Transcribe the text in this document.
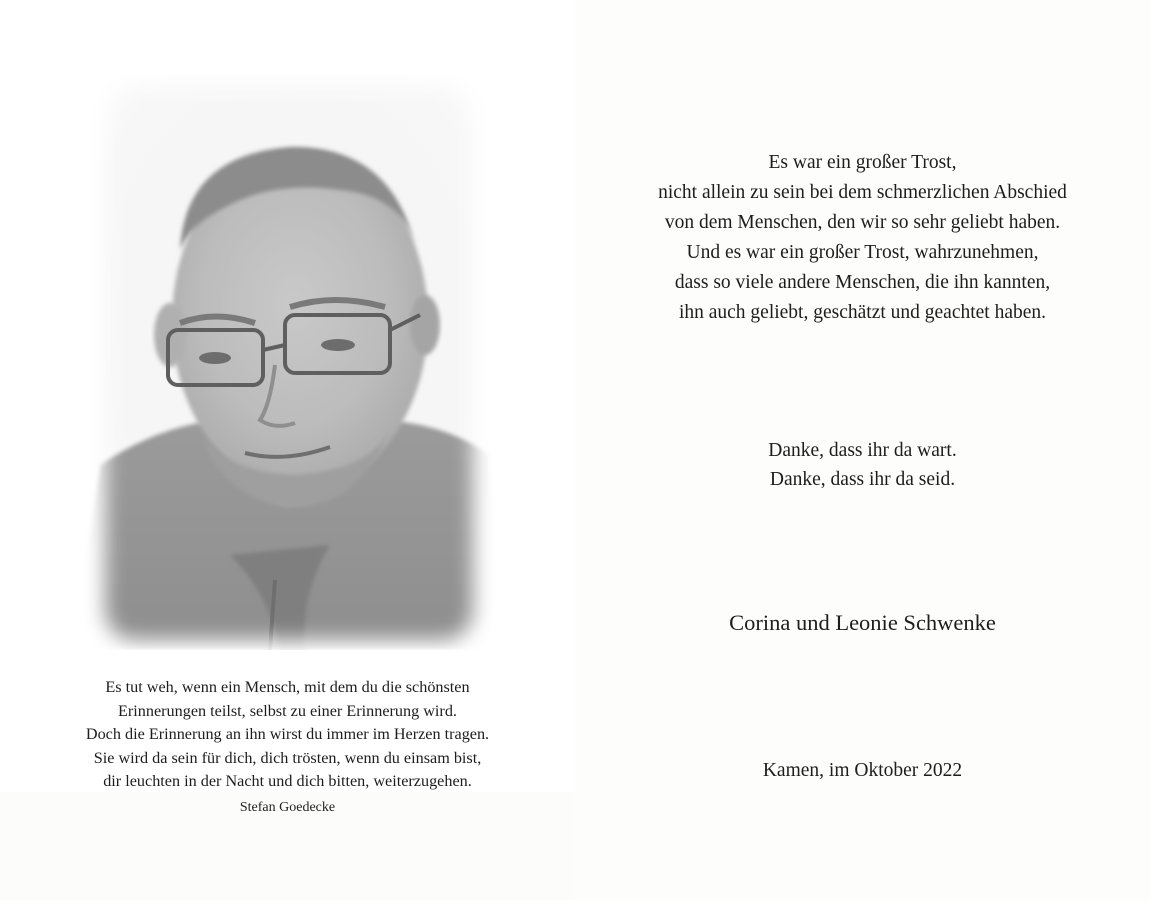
Es tut weh, wenn ein Mensch, mit dem du die schönsten
Erinnerungen teilst, selbst zu einer Erinnerung wird.
Doch die Erinnerung an ihn wirst du immer im Herzen tragen.
Sie wird da sein für dich, dich trösten, wenn du einsam bist,
dir leuchten in der Nacht und dich bitten, weiterzugehen.
Stefan Goedecke
Es war ein großer Trost,
nicht allein zu sein bei dem schmerzlichen Abschied
von dem Menschen, den wir so sehr geliebt haben.
Und es war ein großer Trost, wahrzunehmen,
dass so viele andere Menschen, die ihn kannten,
ihn auch geliebt, geschätzt und geachtet haben.
Danke, dass ihr da wart.
Danke, dass ihr da seid.
Corina und Leonie Schwenke
Kamen, im Oktober 2022
